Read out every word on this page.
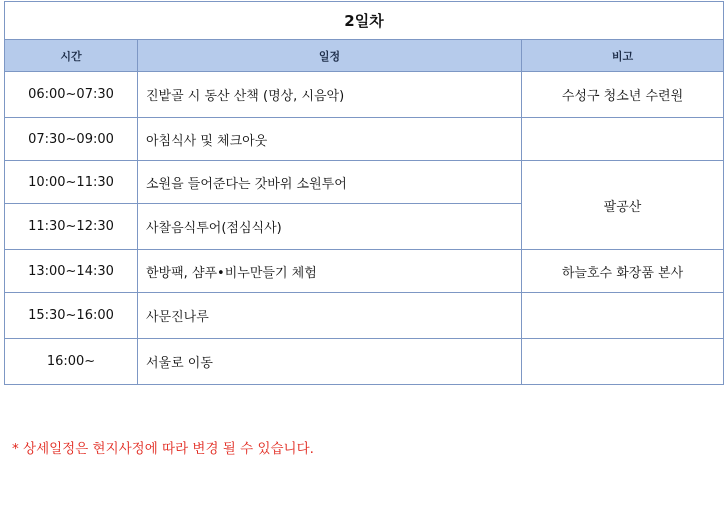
2일차		
시간	일정	비고
06:00~07:30	진밭골 시 동산 산책 (명상, 시음악)	수성구 청소년 수련원
07:30~09:00	아침식사 및 체크아웃	
10:00~11:30	소원을 들어준다는 갓바위 소원투어	팔공산
11:30~12:30	사찰음식투어(점심식사)	
13:00~14:30	한방팩, 샴푸•비누만들기 체험	하늘호수 화장품 본사
15:30~16:00	사문진나루	
16:00~	서울로 이동	
* 상세일정은 현지사정에 따라 변경 될 수 있습니다.
